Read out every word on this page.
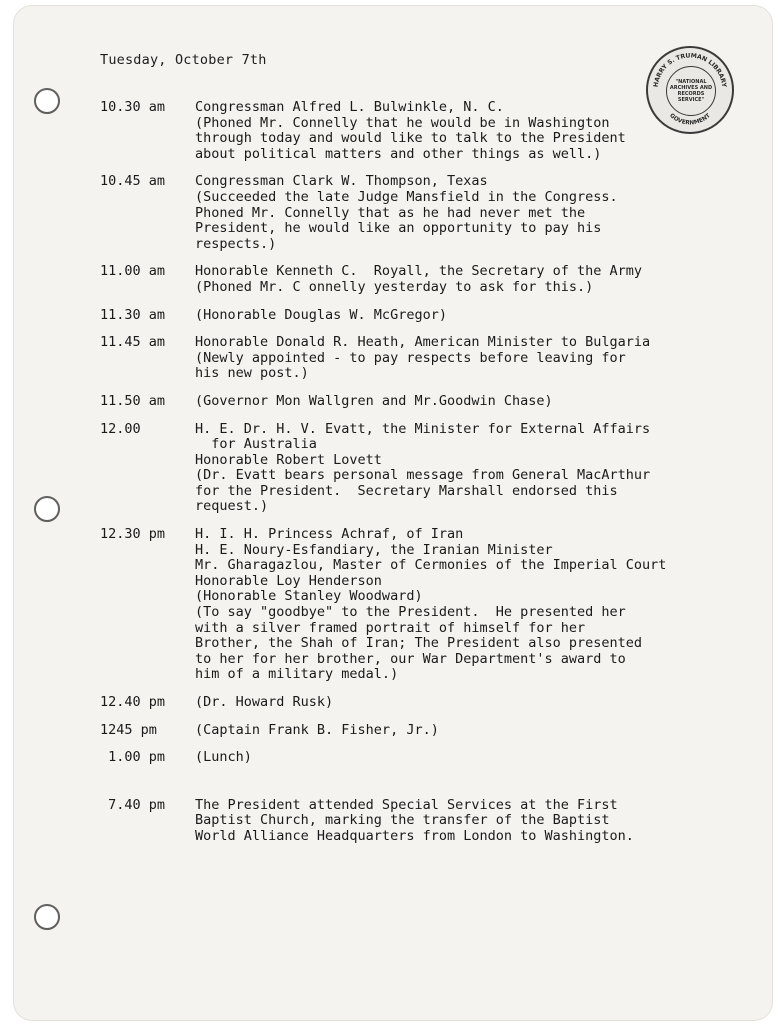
Tuesday, October 7th
HARRY S. TRUMAN LIBRARY
GOVERNMENT
"NATIONAL ARCHIVES AND RECORDS SERVICE"
10.30 am	Congressman Alfred L. Bulwinkle, N. C.
(Phoned Mr. Connelly that he would be in Washington
through today and would like to talk to the President
about political matters and other things as well.)
10.45 am	Congressman Clark W. Thompson, Texas
(Succeeded the late Judge Mansfield in the Congress.
Phoned Mr. Connelly that as he had never met the
President, he would like an opportunity to pay his
respects.)
11.00 am	Honorable Kenneth C.  Royall, the Secretary of the Army
(Phoned Mr. C onnelly yesterday to ask for this.)
11.30 am	(Honorable Douglas W. McGregor)
11.45 am	Honorable Donald R. Heath, American Minister to Bulgaria
(Newly appointed - to pay respects before leaving for
his new post.)
11.50 am	(Governor Mon Wallgren and Mr.Goodwin Chase)
12.00	H. E. Dr. H. V. Evatt, the Minister for External Affairs
for Australia
Honorable Robert Lovett
(Dr. Evatt bears personal message from General MacArthur
for the President.  Secretary Marshall endorsed this
request.)
12.30 pm	H. I. H. Princess Achraf, of Iran
H. E. Noury-Esfandiary, the Iranian Minister
Mr. Gharagazlou, Master of Cermonies of the Imperial Court
Honorable Loy Henderson
(Honorable Stanley Woodward)
(To say "goodbye" to the President.  He presented her
with a silver framed portrait of himself for her
Brother, the Shah of Iran; The President also presented
to her for her brother, our War Department's award to
him of a military medal.)
12.40 pm	(Dr. Howard Rusk)
1245 pm	(Captain Frank B. Fisher, Jr.)
1.00 pm	(Lunch)
7.40 pm	The President attended Special Services at the First
Baptist Church, marking the transfer of the Baptist
World Alliance Headquarters from London to Washington.
